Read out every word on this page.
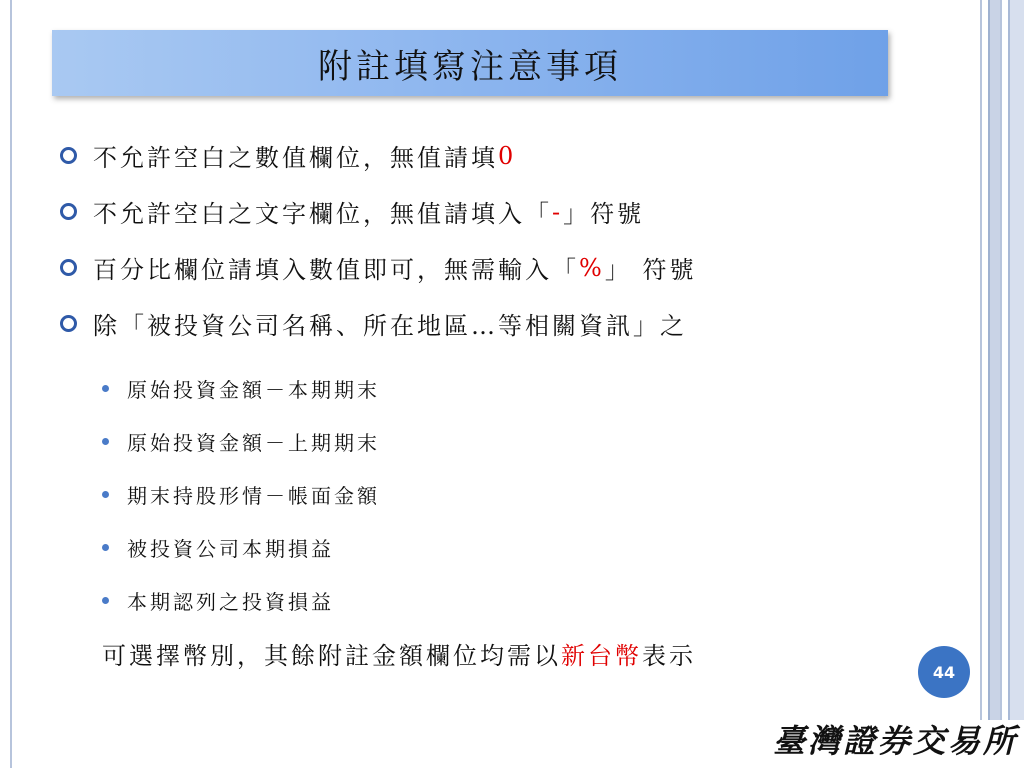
附註填寫注意事項
不允許空白之數值欄位，無值請填 0
不允許空白之文字欄位，無值請填入「 - 」符號
百分比欄位請填入數值即可，無需輸入「 % 」 符號
除「被投資公司名稱、所在地區…等相關資訊」之
原始投資金額－本期期末
原始投資金額－上期期末
期末持股形情－帳面金額
被投資公司本期損益
本期認列之投資損益
可選擇幣別，其餘附註金額欄位均需以新台幣表示
44
臺灣證券交易所
